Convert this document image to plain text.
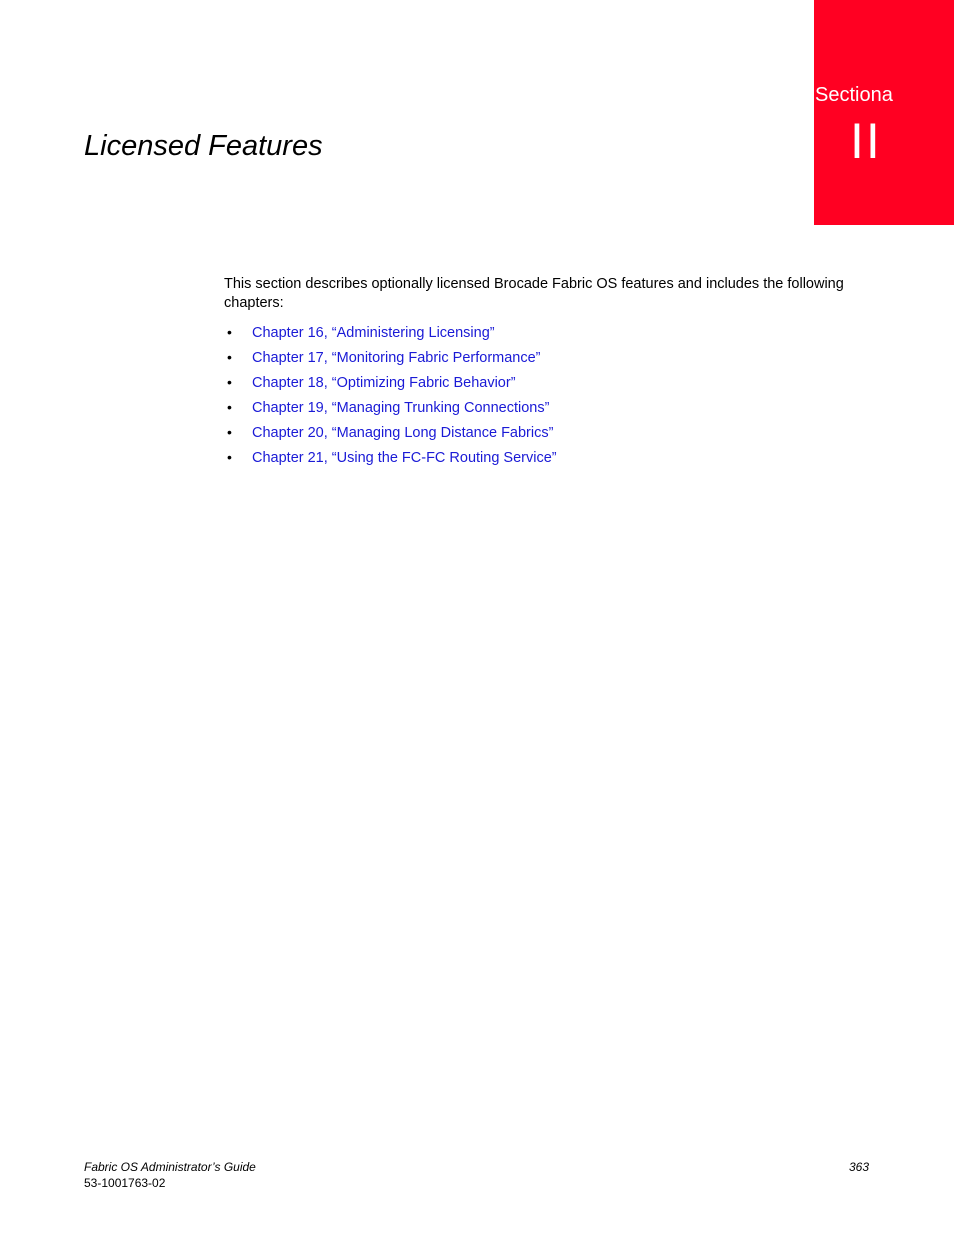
Sectiona
II
Licensed Features

This section describes optionally licensed Brocade Fabric OS features and includes the following chapters:

• Chapter 16, “Administering Licensing”
• Chapter 17, “Monitoring Fabric Performance”
• Chapter 18, “Optimizing Fabric Behavior”
• Chapter 19, “Managing Trunking Connections”
• Chapter 20, “Managing Long Distance Fabrics”
• Chapter 21, “Using the FC-FC Routing Service”
Fabric OS Administrator’s Guide
53-1001763-02
363
